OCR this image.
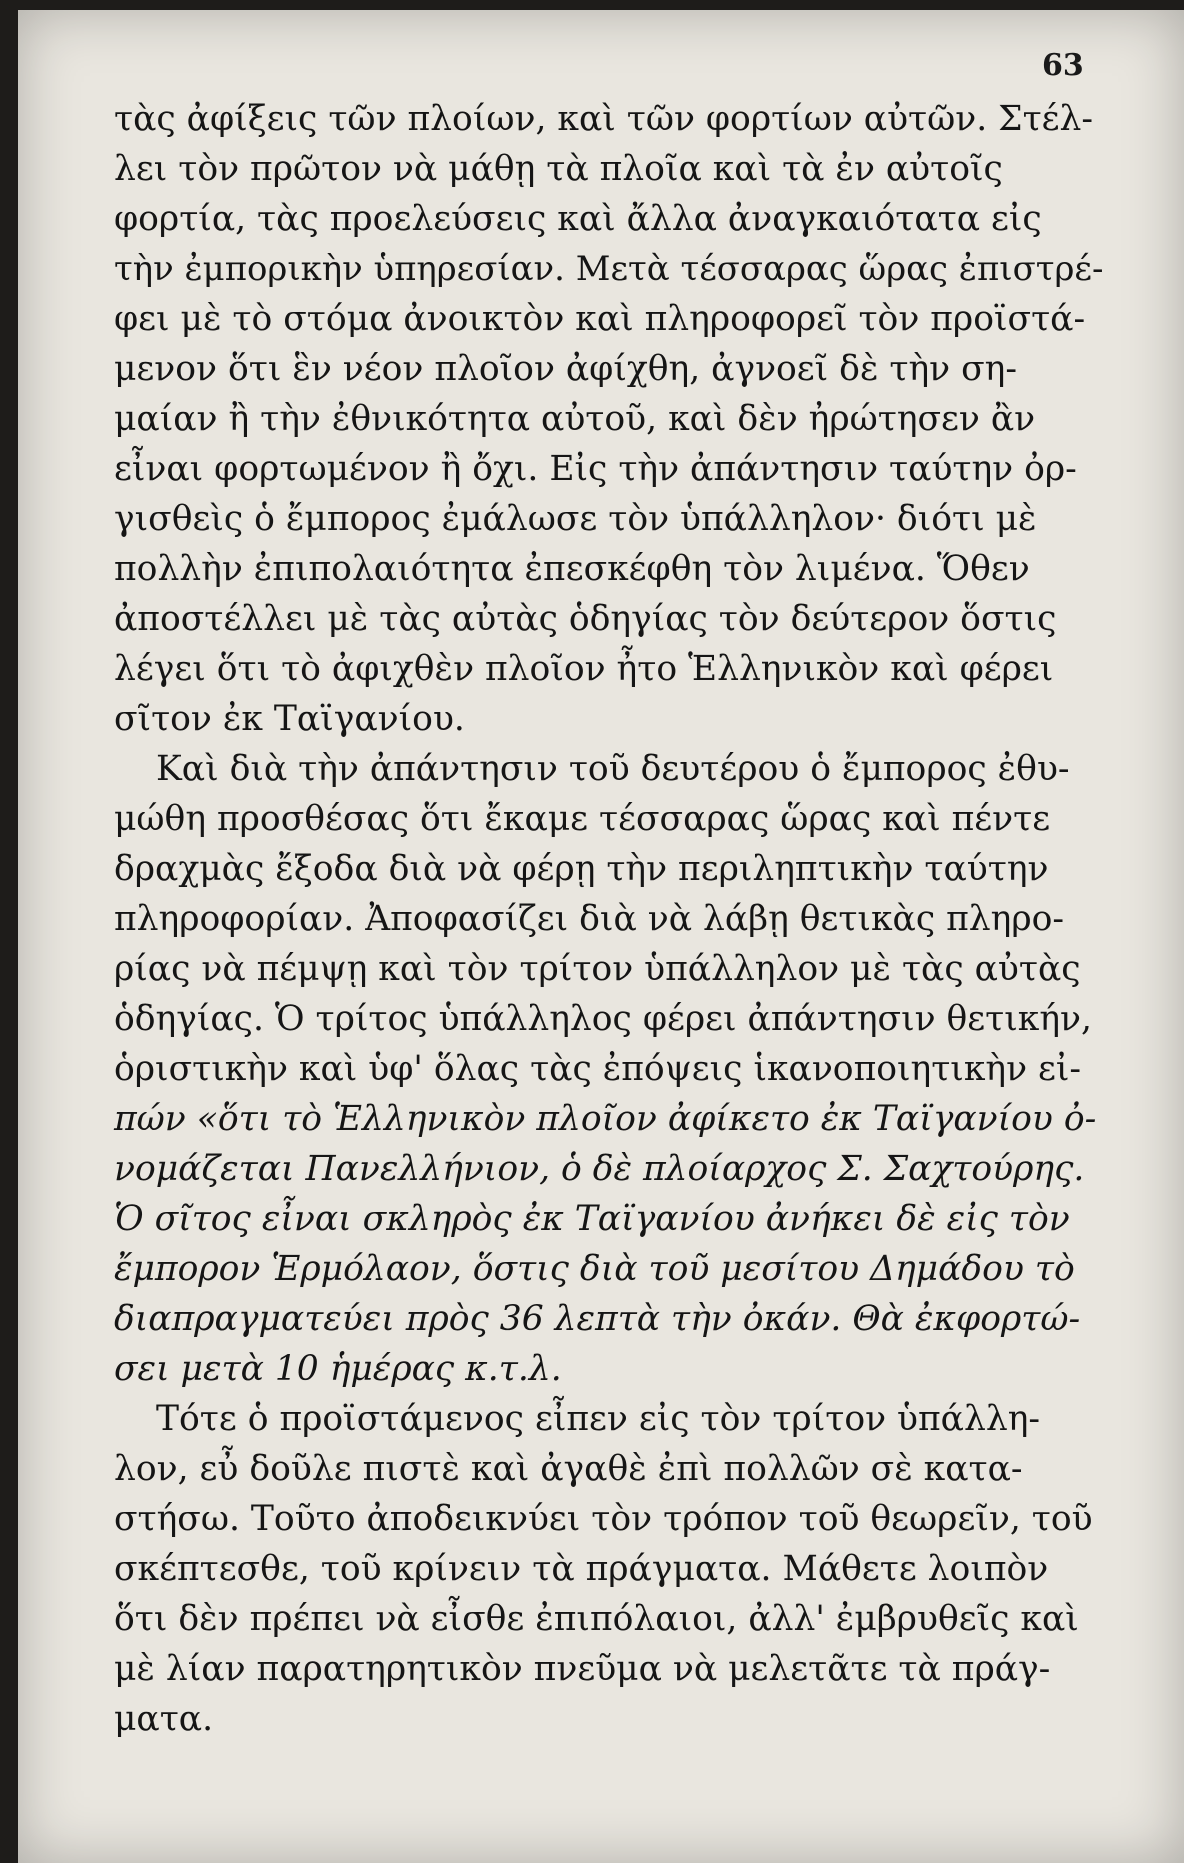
63
τὰς ἀφίξεις τῶν πλοίων, καὶ τῶν φορτίων αὐτῶν. Στέλ-
λει τὸν πρῶτον νὰ μάθῃ τὰ πλοῖα καὶ τὰ ἐν αὐτοῖς
φορτία, τὰς προελεύσεις καὶ ἄλλα ἀναγκαιότατα εἰς
τὴν ἐμπορικὴν ὑπηρεσίαν. Μετὰ τέσσαρας ὥρας ἐπιστρέ-
φει μὲ τὸ στόμα ἀνοικτὸν καὶ πληροφορεῖ τὸν προϊστά-
μενον ὅτι ἓν νέον πλοῖον ἀφίχθη, ἀγνοεῖ δὲ τὴν ση-
μαίαν ἢ τὴν ἐθνικότητα αὐτοῦ, καὶ δὲν ἠρώτησεν ἂν
εἶναι φορτωμένον ἢ ὄχι. Εἰς τὴν ἀπάντησιν ταύτην ὀρ-
γισθεὶς ὁ ἔμπορος ἐμάλωσε τὸν ὑπάλληλον· διότι μὲ
πολλὴν ἐπιπολαιότητα ἐπεσκέφθη τὸν λιμένα. Ὅθεν
ἀποστέλλει μὲ τὰς αὐτὰς ὁδηγίας τὸν δεύτερον ὅστις
λέγει ὅτι τὸ ἀφιχθὲν πλοῖον ἦτο Ἑλληνικὸν καὶ φέρει
σῖτον ἐκ Ταϊγανίου.
Καὶ διὰ τὴν ἀπάντησιν τοῦ δευτέρου ὁ ἔμπορος ἐθυ-
μώθη προσθέσας ὅτι ἔκαμε τέσσαρας ὥρας καὶ πέντε
δραχμὰς ἔξοδα διὰ νὰ φέρῃ τὴν περιληπτικὴν ταύτην
πληροφορίαν. Ἀποφασίζει διὰ νὰ λάβῃ θετικὰς πληρο-
ρίας νὰ πέμψῃ καὶ τὸν τρίτον ὑπάλληλον μὲ τὰς αὐτὰς
ὁδηγίας. Ὁ τρίτος ὑπάλληλος φέρει ἀπάντησιν θετικήν,
ὁριστικὴν καὶ ὑφ' ὅλας τὰς ἐπόψεις ἱκανοποιητικὴν εἰ-
πών «ὅτι τὸ Ἑλληνικὸν πλοῖον ἀφίκετο ἐκ Ταϊγανίου ὀ-
νομάζεται Πανελλήνιον, ὁ δὲ πλοίαρχος Σ. Σαχτούρης.
Ὁ σῖτος εἶναι σκληρὸς ἐκ Ταϊγανίου ἀνήκει δὲ εἰς τὸν
ἔμπορον Ἑρμόλαον, ὅστις διὰ τοῦ μεσίτου Δημάδου τὸ
διαπραγματεύει πρὸς 36 λεπτὰ τὴν ὀκάν. Θὰ ἐκφορτώ-
σει μετὰ 10 ἡμέρας κ.τ.λ.
Τότε ὁ προϊστάμενος εἶπεν εἰς τὸν τρίτον ὑπάλλη-
λον, εὖ δοῦλε πιστὲ καὶ ἀγαθὲ ἐπὶ πολλῶν σὲ κατα-
στήσω. Τοῦτο ἀποδεικνύει τὸν τρόπον τοῦ θεωρεῖν, τοῦ
σκέπτεσθε, τοῦ κρίνειν τὰ πράγματα. Μάθετε λοιπὸν
ὅτι δὲν πρέπει νὰ εἶσθε ἐπιπόλαιοι, ἀλλ' ἐμβρυθεῖς καὶ
μὲ λίαν παρατηρητικὸν πνεῦμα νὰ μελετᾶτε τὰ πράγ-
ματα.
